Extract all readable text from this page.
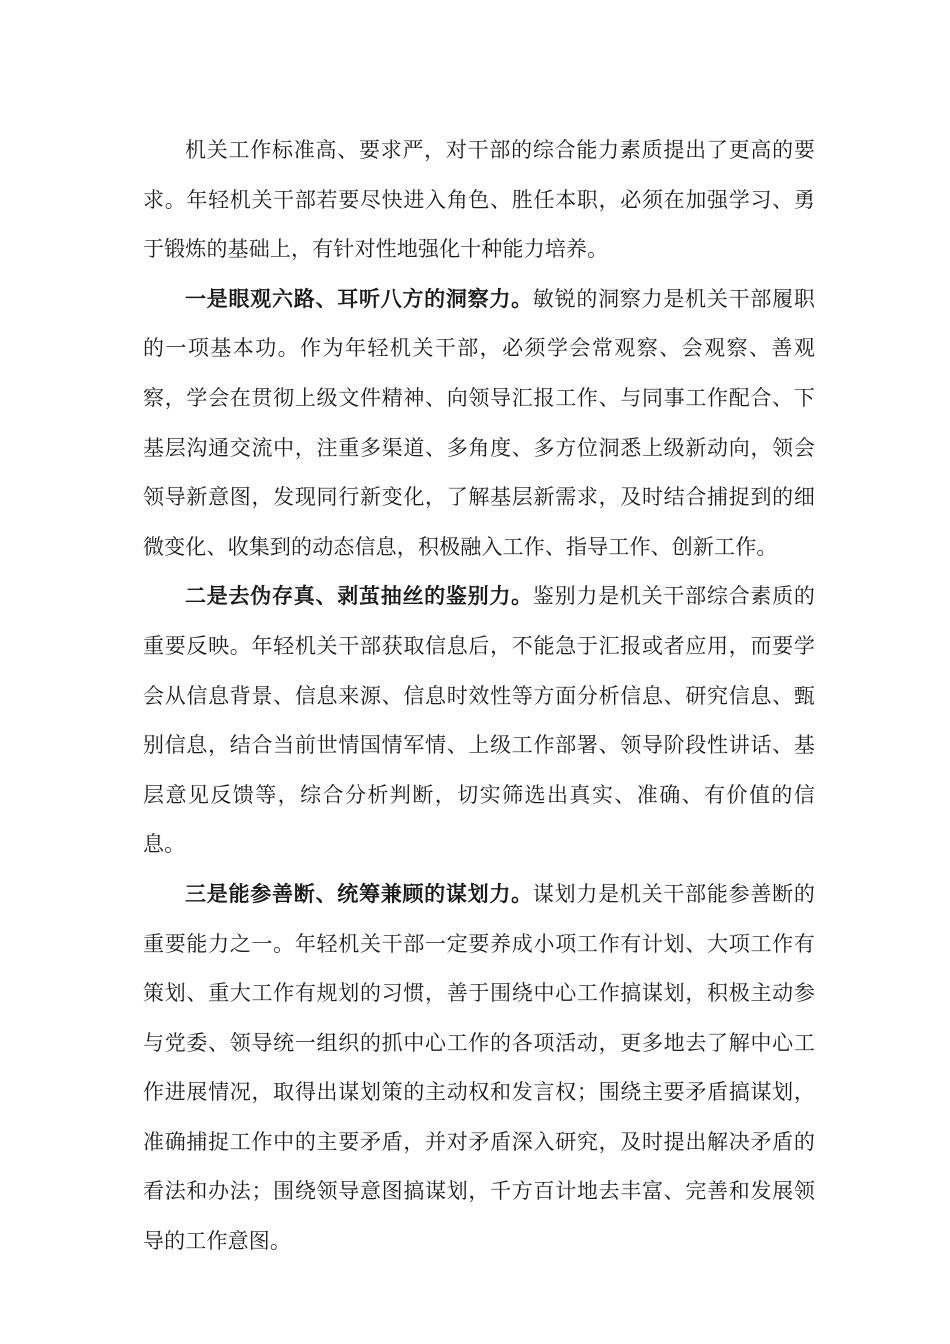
机关工作标准高、要求严，对干部的综合能力素质提出了更高的要求。年轻机关干部若要尽快进入角色、胜任本职，必须在加强学习、勇于锻炼的基础上，有针对性地强化十种能力培养。

一是眼观六路、耳听八方的洞察力。敏锐的洞察力是机关干部履职的一项基本功。作为年轻机关干部，必须学会常观察、会观察、善观察，学会在贯彻上级文件精神、向领导汇报工作、与同事工作配合、下基层沟通交流中，注重多渠道、多角度、多方位洞悉上级新动向，领会领导新意图，发现同行新变化，了解基层新需求，及时结合捕捉到的细微变化、收集到的动态信息，积极融入工作、指导工作、创新工作。

二是去伪存真、剥茧抽丝的鉴别力。鉴别力是机关干部综合素质的重要反映。年轻机关干部获取信息后，不能急于汇报或者应用，而要学会从信息背景、信息来源、信息时效性等方面分析信息、研究信息、甄别信息，结合当前世情国情军情、上级工作部署、领导阶段性讲话、基层意见反馈等，综合分析判断，切实筛选出真实、准确、有价值的信息。

三是能参善断、统筹兼顾的谋划力。谋划力是机关干部能参善断的重要能力之一。年轻机关干部一定要养成小项工作有计划、大项工作有策划、重大工作有规划的习惯，善于围绕中心工作搞谋划，积极主动参与党委、领导统一组织的抓中心工作的各项活动，更多地去了解中心工作进展情况，取得出谋划策的主动权和发言权；围绕主要矛盾搞谋划，准确捕捉工作中的主要矛盾，并对矛盾深入研究，及时提出解决矛盾的看法和办法；围绕领导意图搞谋划，千方百计地去丰富、完善和发展领导的工作意图。
